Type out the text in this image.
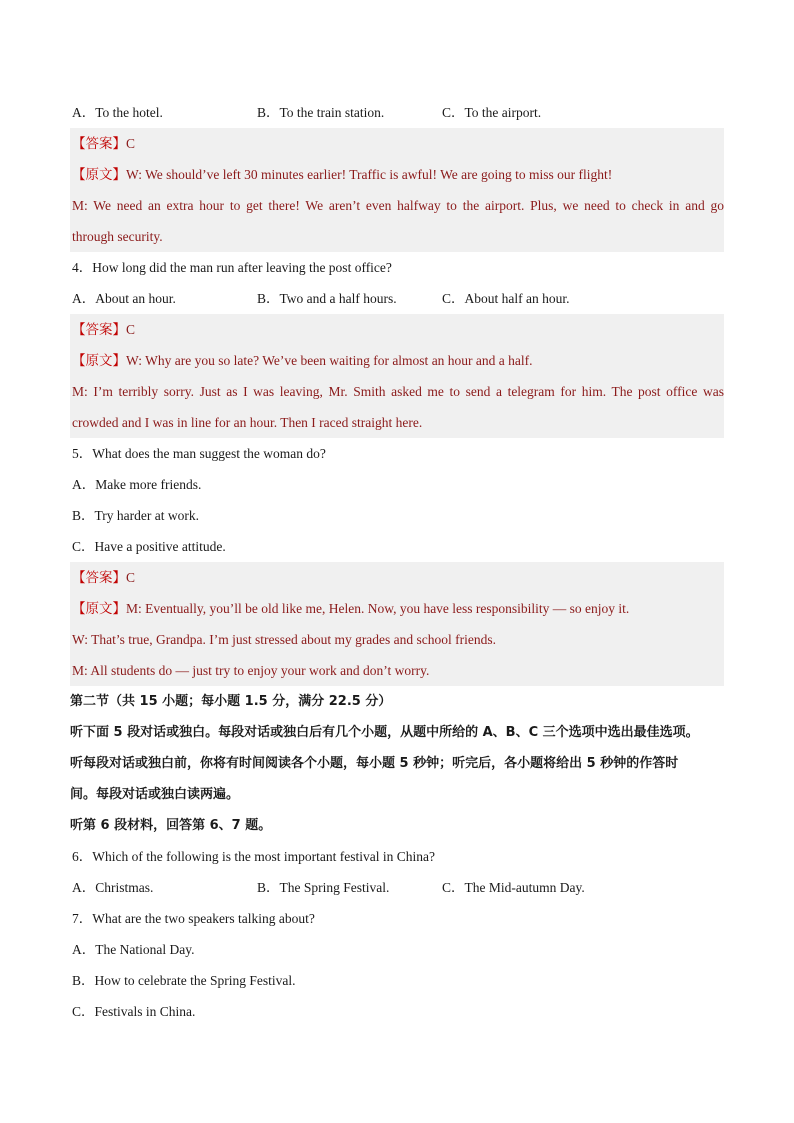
A．To the hotel.	B．To the train station.	C．To the airport.
【答案】C
【原文】W: We should’ve left 30 minutes earlier! Traffic is awful! We are going to miss our flight!
M: We need an extra hour to get there! We aren’t even halfway to the airport. Plus, we need to check in and go
through security.
4．How long did the man run after leaving the post office?
A．About an hour.	B．Two and a half hours.	C．About half an hour.
【答案】C
【原文】W: Why are you so late? We’ve been waiting for almost an hour and a half.
M: I’m terribly sorry. Just as I was leaving, Mr. Smith asked me to send a telegram for him. The post office was
crowded and I was in line for an hour. Then I raced straight here.
5．What does the man suggest the woman do?
A．Make more friends.
B．Try harder at work.
C．Have a positive attitude.
【答案】C
【原文】M: Eventually, you’ll be old like me, Helen. Now, you have less responsibility — so enjoy it.
W: That’s true, Grandpa. I’m just stressed about my grades and school friends.
M: All students do — just try to enjoy your work and don’t worry.
第二节（共 15 小题；每小题 1.5 分，满分 22.5 分）
听下面 5 段对话或独白。每段对话或独白后有几个小题，从题中所给的 A、B、C 三个选项中选出最佳选项。
听每段对话或独白前，你将有时间阅读各个小题，每小题 5 秒钟；听完后，各小题将给出 5 秒钟的作答时
间。每段对话或独白读两遍。
听第 6 段材料，回答第 6、7 题。
6．Which of the following is the most important festival in China?
A．Christmas.	B．The Spring Festival.	C．The Mid-autumn Day.
7．What are the two speakers talking about?
A．The National Day.
B．How to celebrate the Spring Festival.
C．Festivals in China.
